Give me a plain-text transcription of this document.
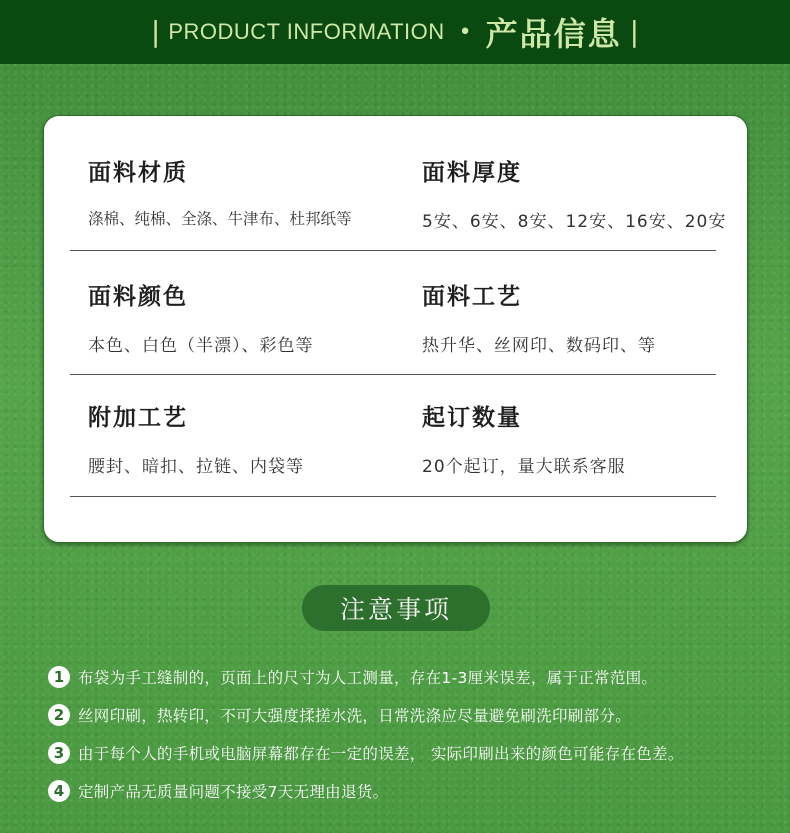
| PRODUCT INFORMATION • 产品信息 |
面料材质
涤棉、纯棉、全涤、牛津布、杜邦纸等
面料厚度
5安、6安、8安、12安、16安、20安
面料颜色
本色、白色（半漂）、彩色等
面料工艺
热升华、丝网印、数码印、等
附加工艺
腰封、暗扣、拉链、内袋等
起订数量
20个起订，量大联系客服
注意事项
1 布袋为手工缝制的，页面上的尺寸为人工测量，存在1-3厘米误差，属于正常范围。
2 丝网印刷，热转印，不可大强度揉搓水洗，日常洗涤应尽量避免刷洗印刷部分。
3 由于每个人的手机或电脑屏幕都存在一定的误差， 实际印刷出来的颜色可能存在色差。
4 定制产品无质量问题不接受7天无理由退货。
